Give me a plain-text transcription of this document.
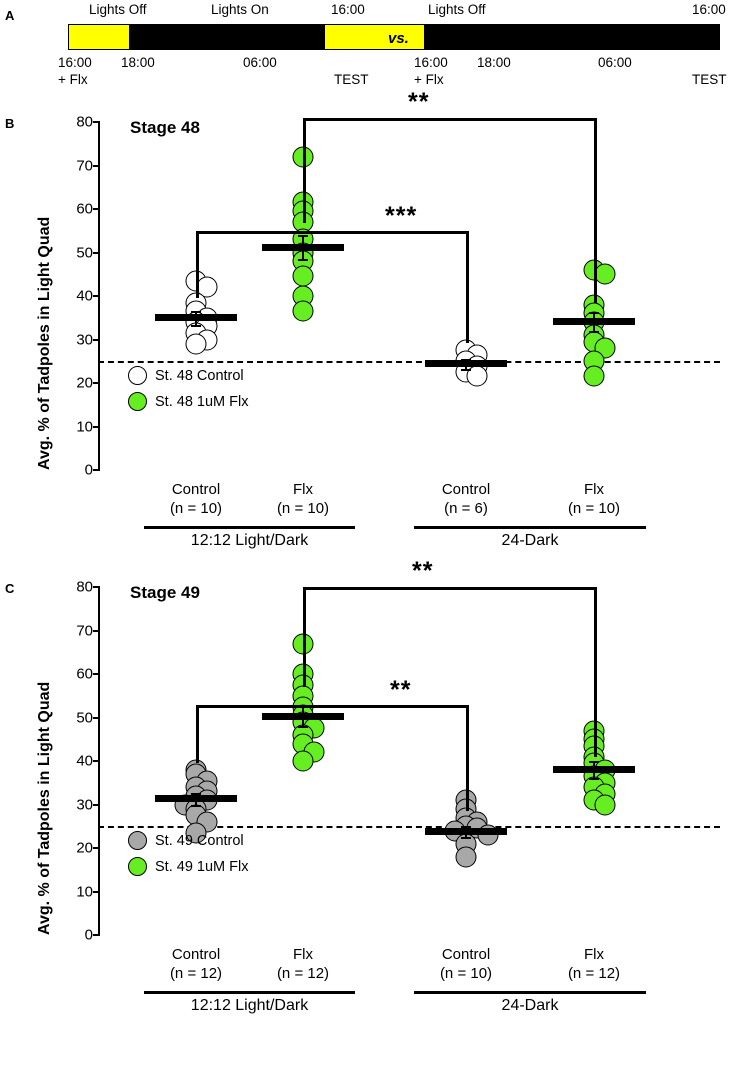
A	Lights Off	Lights On	16:00
16:00
+ Flx
18:00	06:00
TEST
vs.
Lights Off	16:00
16:00
+ Flx
18:00	06:00
TEST
B
0
10
20
30
40
50
60
70
80
Avg. % of Tadpoles in Light Quad
Stage 48
Control
(n = 10)
Flx
(n = 10)
Control
(n = 6)
Flx
(n = 10)
12:12 Light/Dark	24-Dark
St. 48 Control
St. 48 1uM Flx
***
**
C
0
10
20
30
40
50
60
70
80
Avg. % of Tadpoles in Light Quad
Stage 49
Control
(n = 12)
Flx
(n = 12)
Control
(n = 10)
Flx
(n = 12)
12:12 Light/Dark	24-Dark
St. 49 Control
St. 49 1uM Flx
**
**
